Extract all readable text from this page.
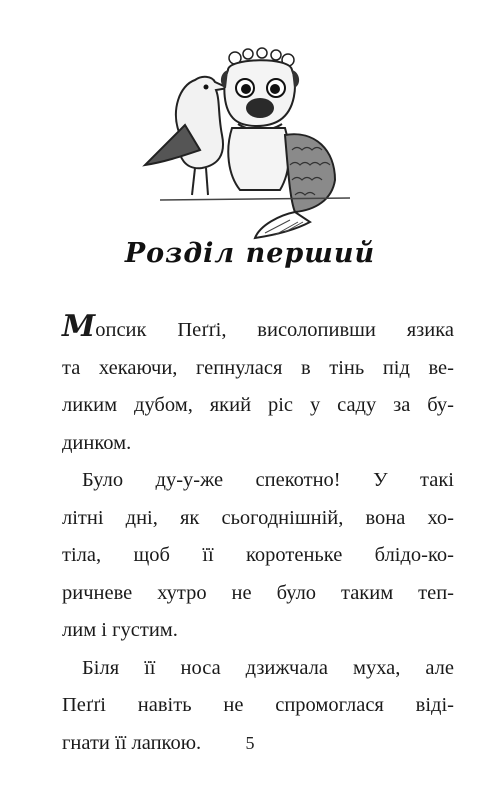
Розділ перший
Мопсик Пеґґі, висолопивши язика
та хекаючи, гепнулася в тінь під ве-
ликим дубом, який ріс у саду за бу-
динком.
Було ду-у-же спекотно! У такі
літні дні, як сьогоднішній, вона хо-
тіла, щоб її коротеньке блідо-ко-
ричневе хутро не було таким теп-
лим і густим.
Біля її носа дзижчала муха, але
Пеґґі навіть не спромоглася віді-
гнати її лапкою.	5
